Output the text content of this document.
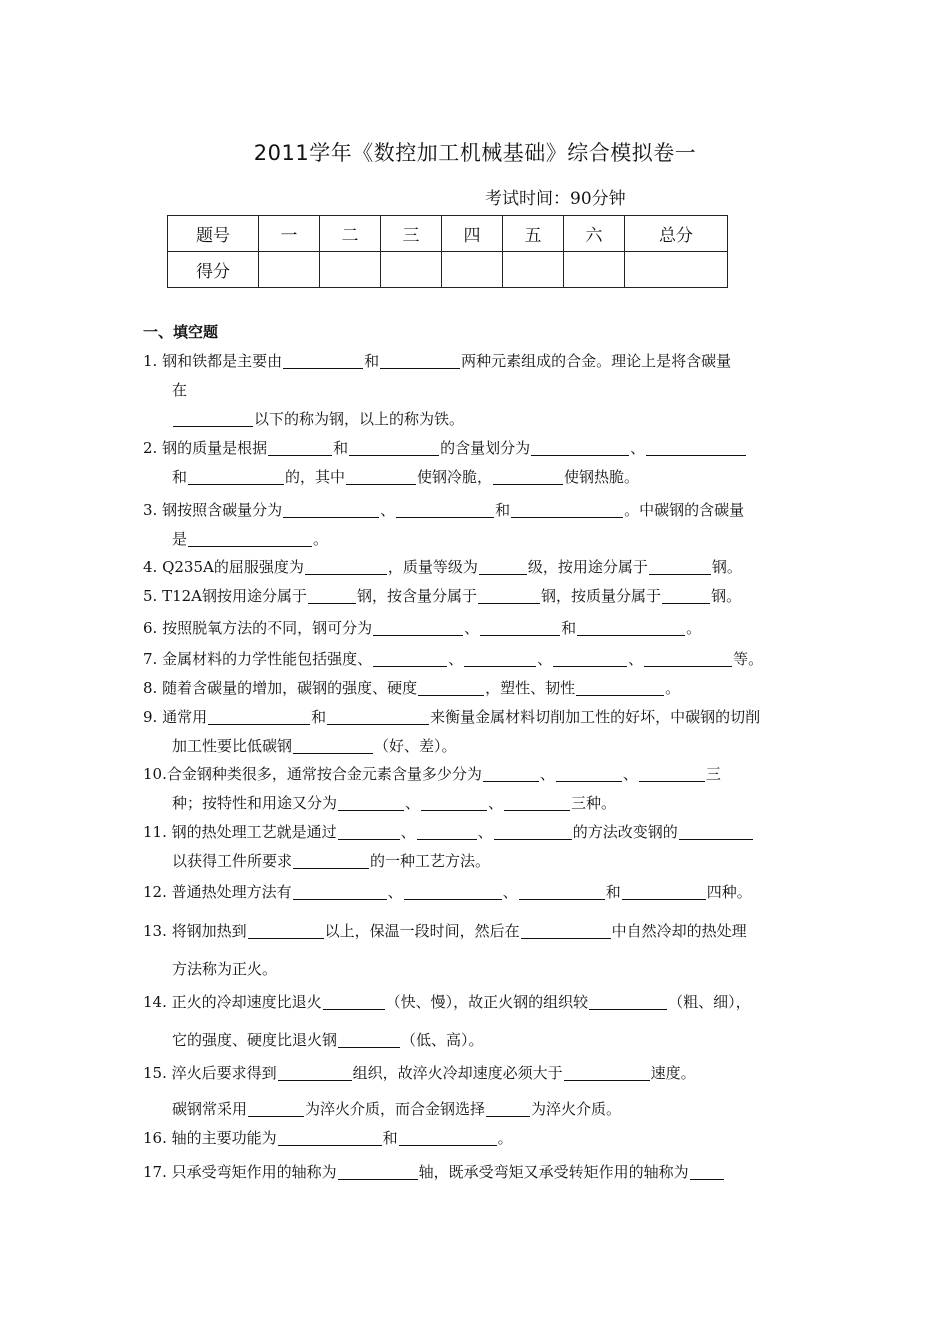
2011学年《数控加工机械基础》综合模拟卷一
考试时间：90分钟
题号	一	二	三	四	五	六	总分
得分							
一、填空题
1. 钢和铁都是主要由	和	两种元素组成的合金。理论上是将含碳量
在
以下的称为钢，以上的称为铁。
2. 钢的质量是根据	和	的含量划分为	、
和	的，其中	使钢冷脆，	使钢热脆。
3. 钢按照含碳量分为	、	和	。中碳钢的含碳量
是	。
4. Q235A的屈服强度为	，质量等级为	级，按用途分属于	钢。
5. T12A钢按用途分属于	钢，按含量分属于	钢，按质量分属于	钢。
6. 按照脱氧方法的不同，钢可分为	、	和	。
7. 金属材料的力学性能包括强度、	、	、	、	等。
8. 随着含碳量的增加，碳钢的强度、硬度	，塑性、韧性	。
9. 通常用	和	来衡量金属材料切削加工性的好坏，中碳钢的切削
加工性要比低碳钢	（好、差）。
10.合金钢种类很多，通常按合金元素含量多少分为	、	、	三
种；按特性和用途又分为	、	、	三种。
11. 钢的热处理工艺就是通过	、	、	的方法改变钢的
以获得工件所要求	的一种工艺方法。
12. 普通热处理方法有	、	、	和	四种。
13. 将钢加热到	以上，保温一段时间，然后在	中自然冷却的热处理
方法称为正火。
14. 正火的冷却速度比退火	（快、慢），故正火钢的组织较	（粗、细），
它的强度、硬度比退火钢	（低、高）。
15. 淬火后要求得到	组织，故淬火冷却速度必须大于	速度。
碳钢常采用	为淬火介质，而合金钢选择	为淬火介质。
16. 轴的主要功能为	和	。
17. 只承受弯矩作用的轴称为	轴，既承受弯矩又承受转矩作用的轴称为
